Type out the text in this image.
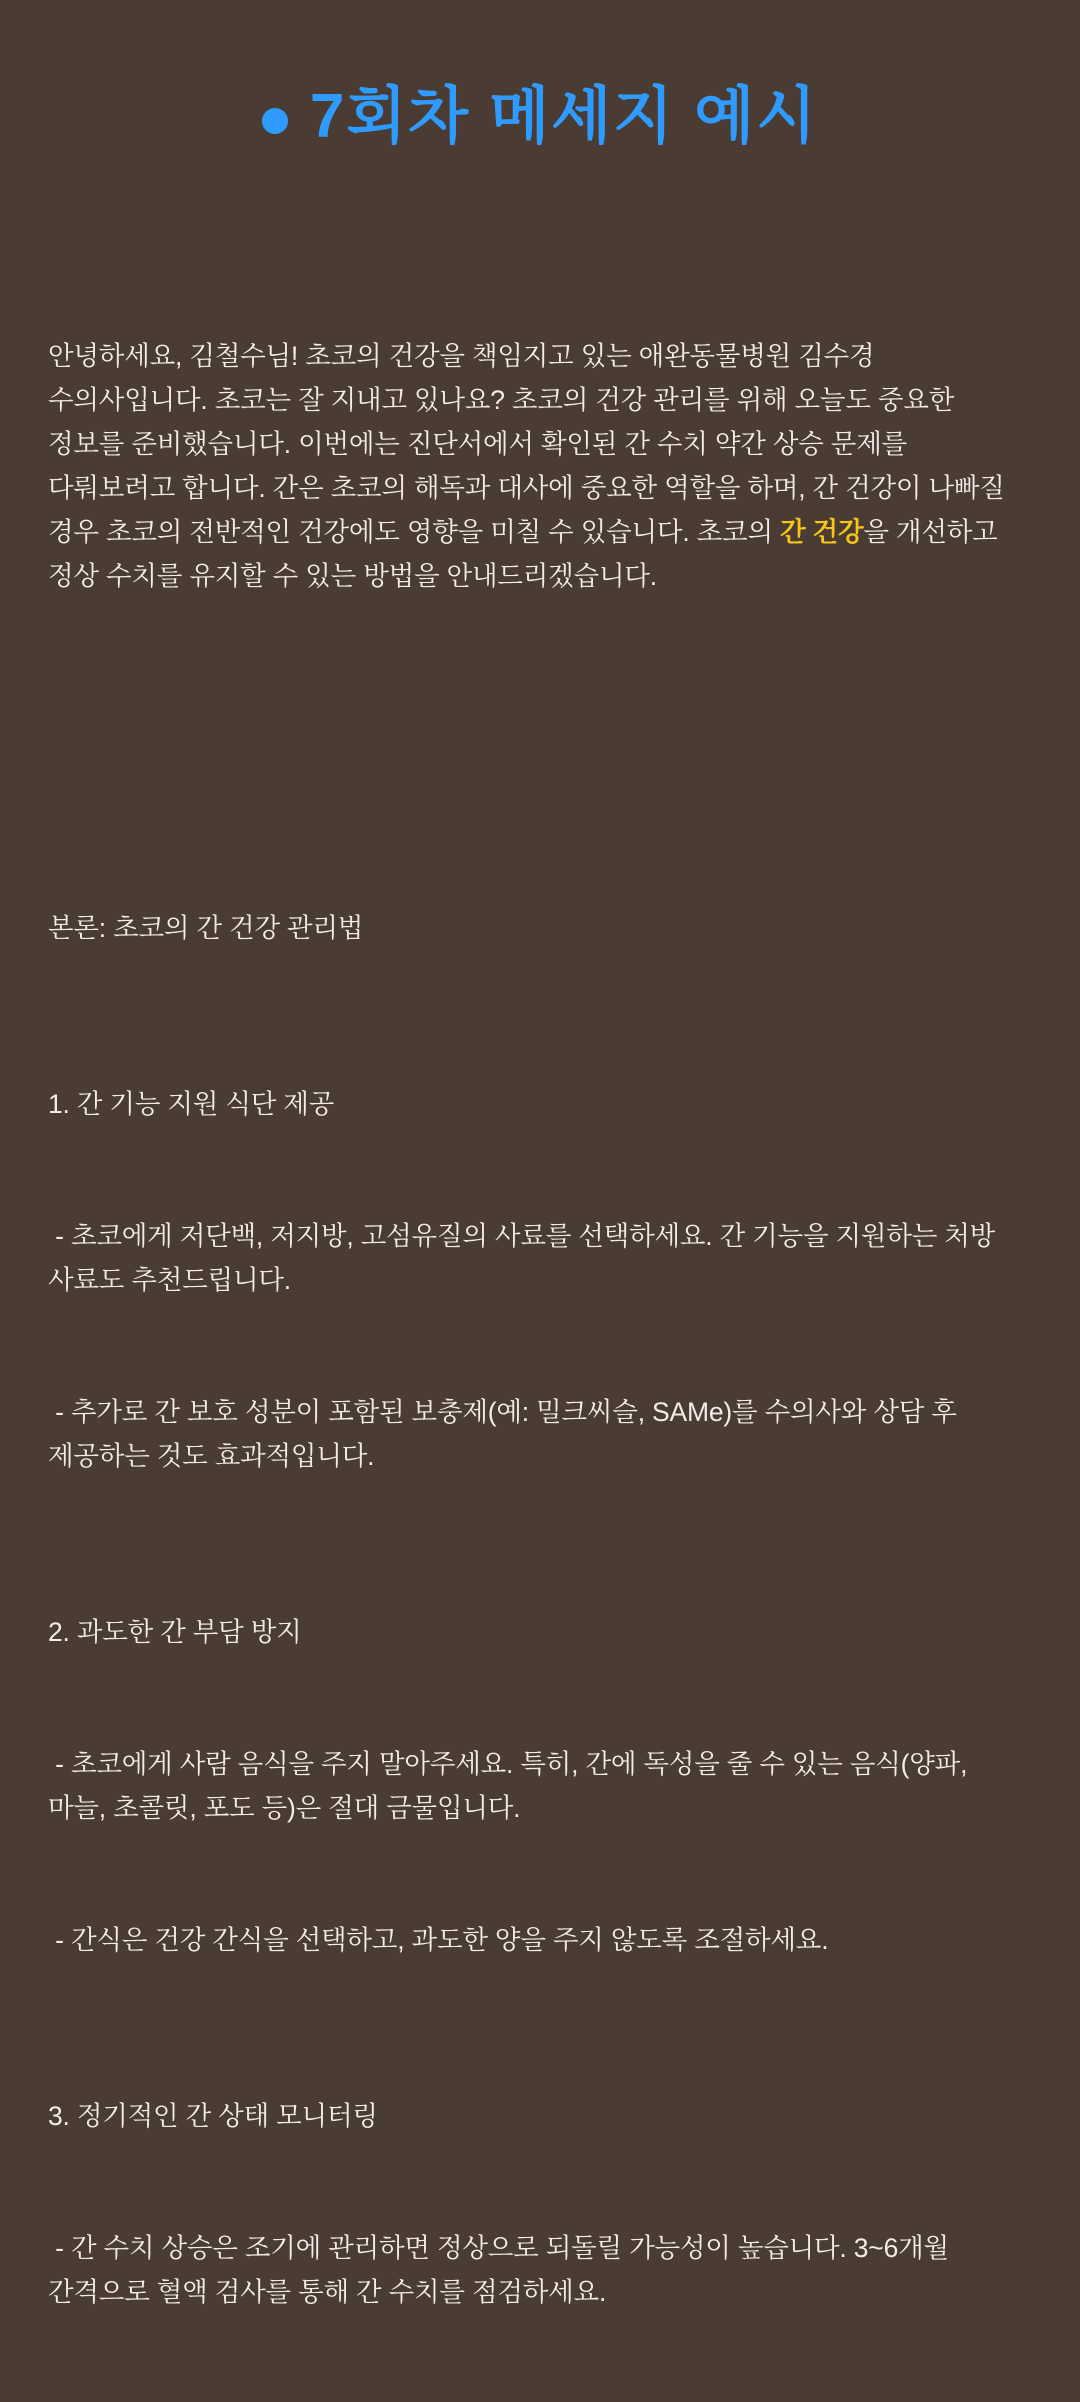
7회차 메세지 예시

안녕하세요, 김철수님! 초코의 건강을 책임지고 있는 애완동물병원 김수경 수의사입니다. 초코는 잘 지내고 있나요? 초코의 건강 관리를 위해 오늘도 중요한 정보를 준비했습니다. 이번에는 진단서에서 확인된 간 수치 약간 상승 문제를 다뤄보려고 합니다. 간은 초코의 해독과 대사에 중요한 역할을 하며, 간 건강이 나빠질 경우 초코의 전반적인 건강에도 영향을 미칠 수 있습니다. 초코의 간 건강을 개선하고 정상 수치를 유지할 수 있는 방법을 안내드리겠습니다.

본론: 초코의 간 건강 관리법

1. 간 기능 지원 식단 제공

- 초코에게 저단백, 저지방, 고섬유질의 사료를 선택하세요. 간 기능을 지원하는 처방 사료도 추천드립니다.

- 추가로 간 보호 성분이 포함된 보충제(예: 밀크씨슬, SAMe)를 수의사와 상담 후 제공하는 것도 효과적입니다.

2. 과도한 간 부담 방지

- 초코에게 사람 음식을 주지 말아주세요. 특히, 간에 독성을 줄 수 있는 음식(양파, 마늘, 초콜릿, 포도 등)은 절대 금물입니다.

- 간식은 건강 간식을 선택하고, 과도한 양을 주지 않도록 조절하세요.

3. 정기적인 간 상태 모니터링

- 간 수치 상승은 조기에 관리하면 정상으로 되돌릴 가능성이 높습니다. 3~6개월 간격으로 혈액 검사를 통해 간 수치를 점검하세요.
